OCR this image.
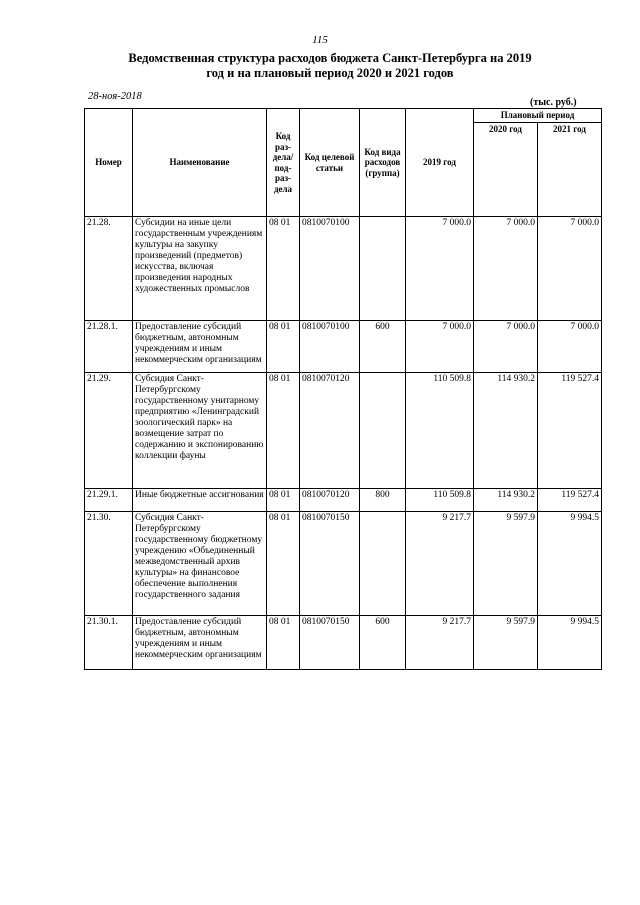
115
Ведомственная структура расходов бюджета Санкт-Петербурга на 2019 год и на плановый период 2020 и 2021 годов
28-ноя-2018
(тыс. руб.)
Номер	Наименование	Код раз-дела/ под-раз-дела	Код целевой статьи	Код вида расходов (группа)	2019 год	Плановый период	
						2020 год	2021 год
21.28.	Субсидии на иные цели государственным учреждениям культуры на закупку произведений (предметов) искусства, включая произведения народных художественных промыслов	08 01	0810070100		7 000.0	7 000.0	7 000.0
21.28.1.	Предоставление субсидий бюджетным, автономным учреждениям и иным некоммерческим организациям	08 01	0810070100	600	7 000.0	7 000.0	7 000.0
21.29.	Субсидия Санкт-Петербургскому государственному унитарному предприятию «Ленинградский зоологический парк» на возмещение затрат по содержанию и экспонированию коллекции фауны	08 01	0810070120		110 509.8	114 930.2	119 527.4
21.29.1.	Иные бюджетные ассигнования	08 01	0810070120	800	110 509.8	114 930.2	119 527.4
21.30.	Субсидия Санкт-Петербургскому государственному бюджетному учреждению «Объединенный межведомственный архив культуры» на финансовое обеспечение выполнения государственного задания	08 01	0810070150		9 217.7	9 597.9	9 994.5
21.30.1.	Предоставление субсидий бюджетным, автономным учреждениям и иным некоммерческим организациям	08 01	0810070150	600	9 217.7	9 597.9	9 994.5
